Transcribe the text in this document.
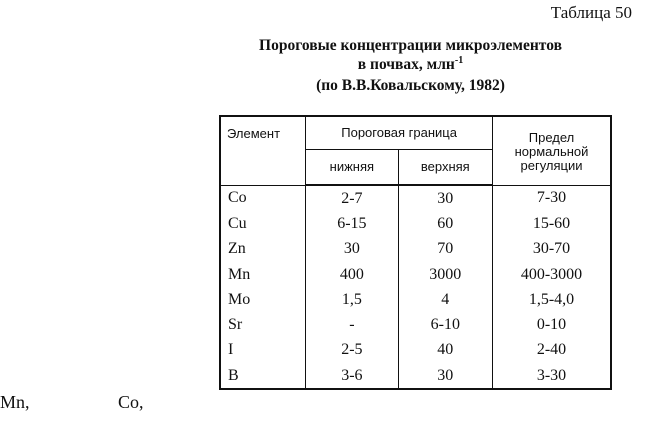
Таблица 50
Пороговые концентрации микроэлементов
в почвах, млн$^{-1}$
(по В.В.Ковальскому, 1982)
Элемент	Пороговая граница		Предел нормальной регуляции
	нижняя	верхняя	
Co	2-7	30	7-30
Cu	6-15	60	15-60
Zn	30	70	30-70
Mn	400	3000	400-3000
Mo	1,5	4	1,5-4,0
Sr	-	6-10	0-10
I	2-5	40	2-40
B	3-6	30	3-30
Mn,	Co,
